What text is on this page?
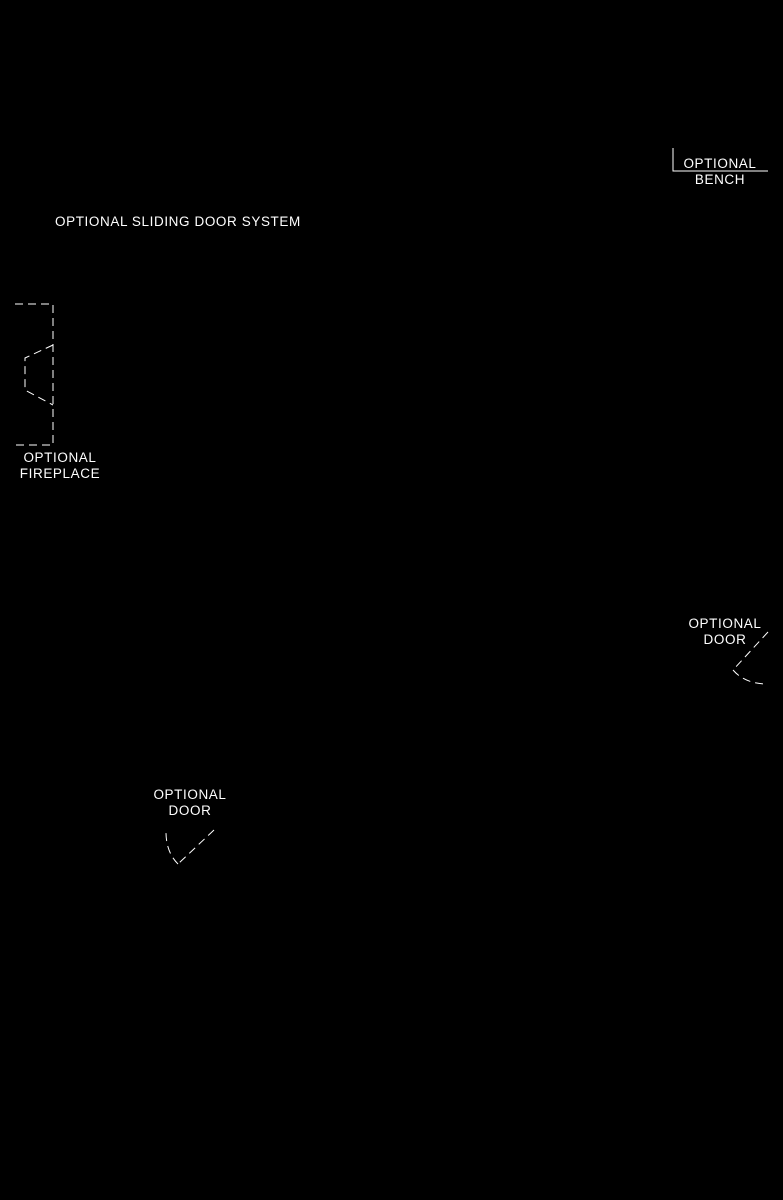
OPTIONAL SLIDING DOOR SYSTEM
OPTIONAL
BENCH
OPTIONAL
FIREPLACE
OPTIONAL
DOOR
OPTIONAL
DOOR
